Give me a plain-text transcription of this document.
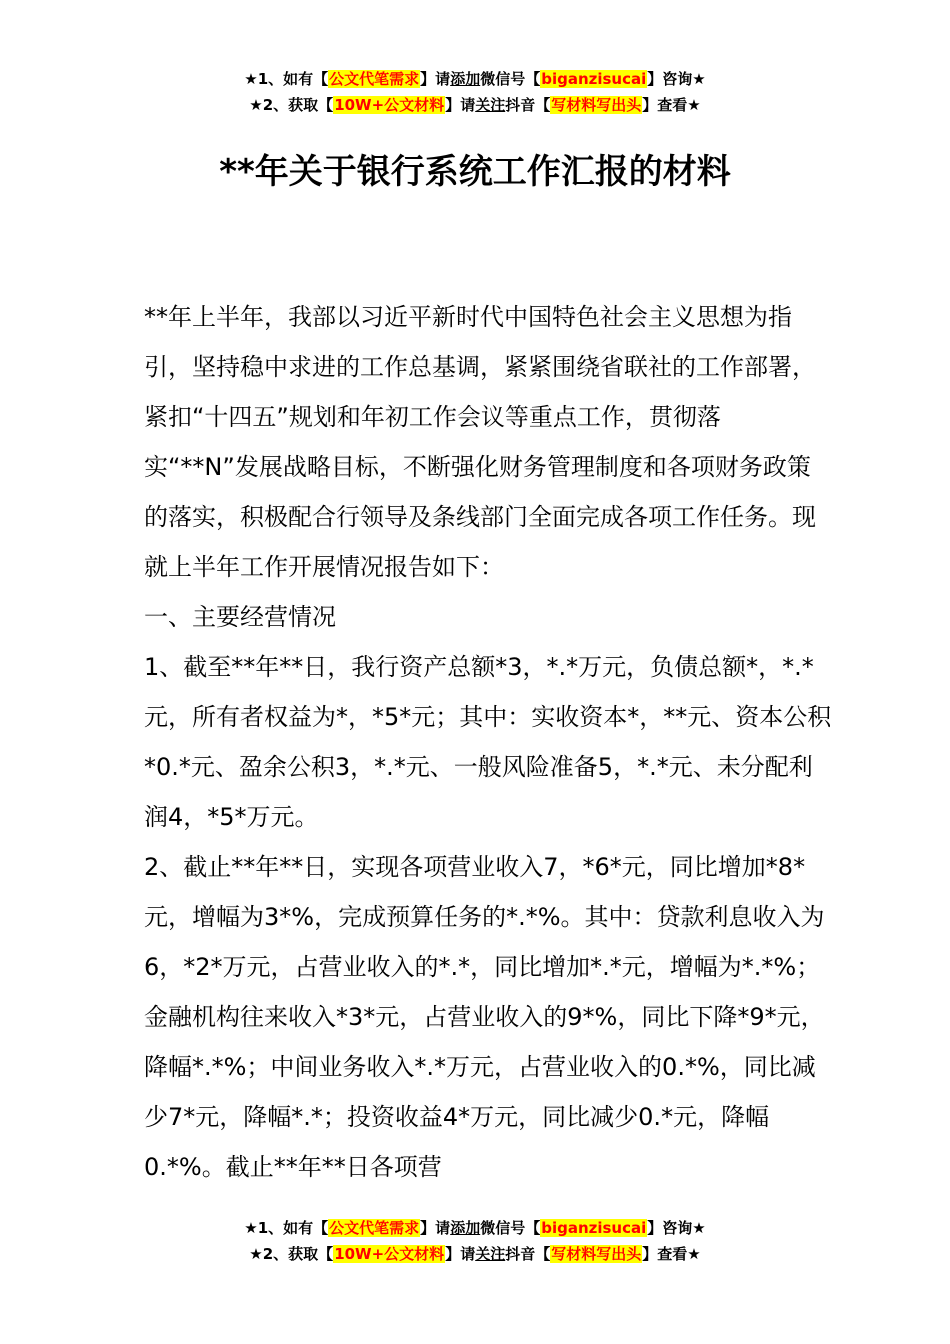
★1、如有【公文代笔需求】请添加微信号【biganzisucai】咨询★
★2、获取【10W+公文材料】请关注抖音【写材料写出头】查看★
**年关于银行系统工作汇报的材料

**年上半年，我部以习近平新时代中国特色社会主义思想为指引，坚持稳中求进的工作总基调，紧紧围绕省联社的工作部署，紧扣“十四五”规划和年初工作会议等重点工作，贯彻落实“**N”发展战略目标，不断强化财务管理制度和各项财务政策的落实，积极配合行领导及条线部门全面完成各项工作任务。现就上半年工作开展情况报告如下：

一、主要经营情况

1、截至**年**日，我行资产总额*3，*.*万元，负债总额*，*.*元，所有者权益为*，*5*元；其中：实收资本*，**元、资本公积*0.*元、盈余公积3，*.*元、一般风险准备5，*.*元、未分配利润4，*5*万元。

2、截止**年**日，实现各项营业收入7，*6*元，同比增加*8*元，增幅为3*%，完成预算任务的*.*%。其中：贷款利息收入为6，*2*万元，占营业收入的*.*，同比增加*.*元，增幅为*.*%；金融机构往来收入*3*元，占营业收入的9*%，同比下降*9*元，降幅*.*%；中间业务收入*.*万元，占营业收入的0.*%，同比减少7*元，降幅*.*；投资收益4*万元，同比减少0.*元，降幅0.*%。截止**年**日各项营

★1、如有【公文代笔需求】请添加微信号【biganzisucai】咨询★
★2、获取【10W+公文材料】请关注抖音【写材料写出头】查看★
